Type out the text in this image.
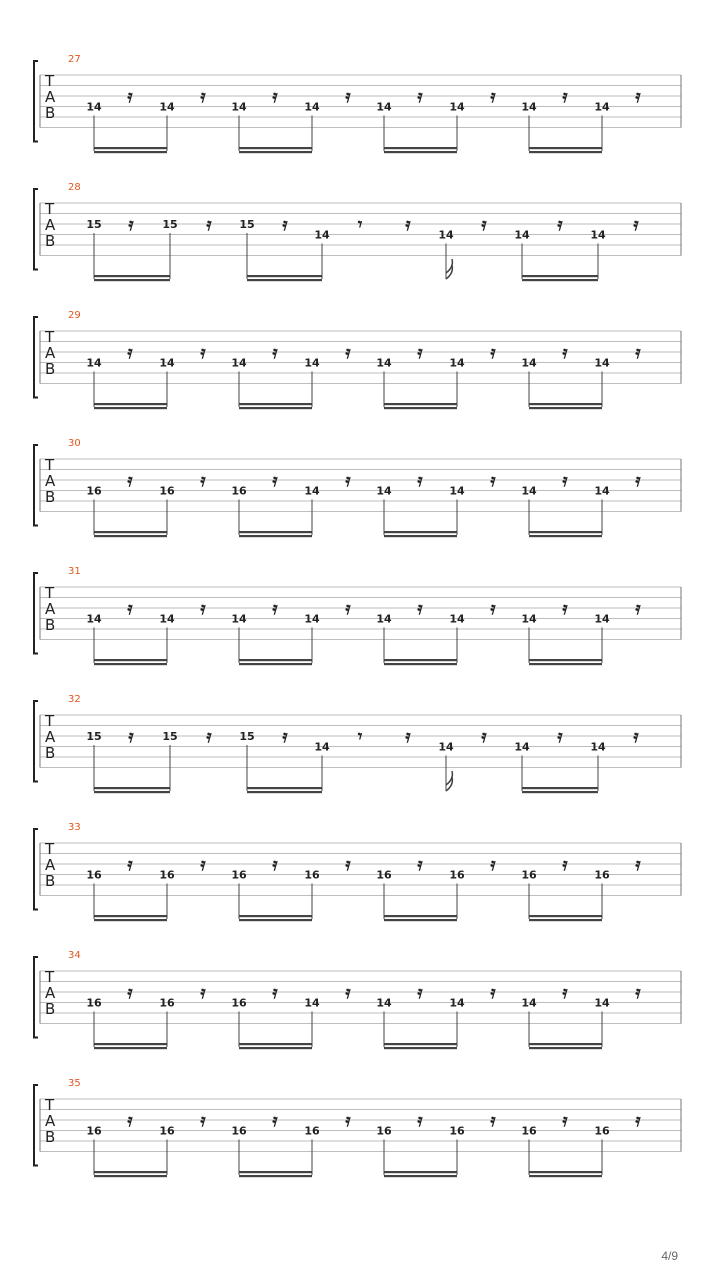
27
T
A
B	14 𝄿 14 𝄿 14 𝄿 14 𝄿 14 𝄿 14 𝄿 14 𝄿 14 𝄿
28
T
A
B
15 𝄿	15 𝄿	15 𝄿 14 𝄾	𝄿	14 𝄿	14 𝄿	14 𝄿
29
T
A
B	14 𝄿 14 𝄿 14 𝄿 14 𝄿 14 𝄿 14 𝄿 14 𝄿 14 𝄿
30
T
A
B	16 𝄿 16 𝄿 16 𝄿 14 𝄿 14 𝄿 14 𝄿 14 𝄿 14 𝄿
31
T
A
B	14 𝄿 14 𝄿 14 𝄿 14 𝄿 14 𝄿 14 𝄿 14 𝄿 14 𝄿
32
T
A
B
15 𝄿	15 𝄿	15 𝄿 14 𝄾	𝄿	14 𝄿	14 𝄿	14 𝄿
33
T
A
B	16 𝄿 16 𝄿 16 𝄿 16 𝄿 16 𝄿 16 𝄿 16 𝄿 16 𝄿
34
T
A
B	16 𝄿 16 𝄿 16 𝄿 14 𝄿 14 𝄿 14 𝄿 14 𝄿 14 𝄿
35
T
A
B	16 𝄿 16 𝄿 16 𝄿 16 𝄿 16 𝄿 16 𝄿 16 𝄿 16 𝄿
4/9
